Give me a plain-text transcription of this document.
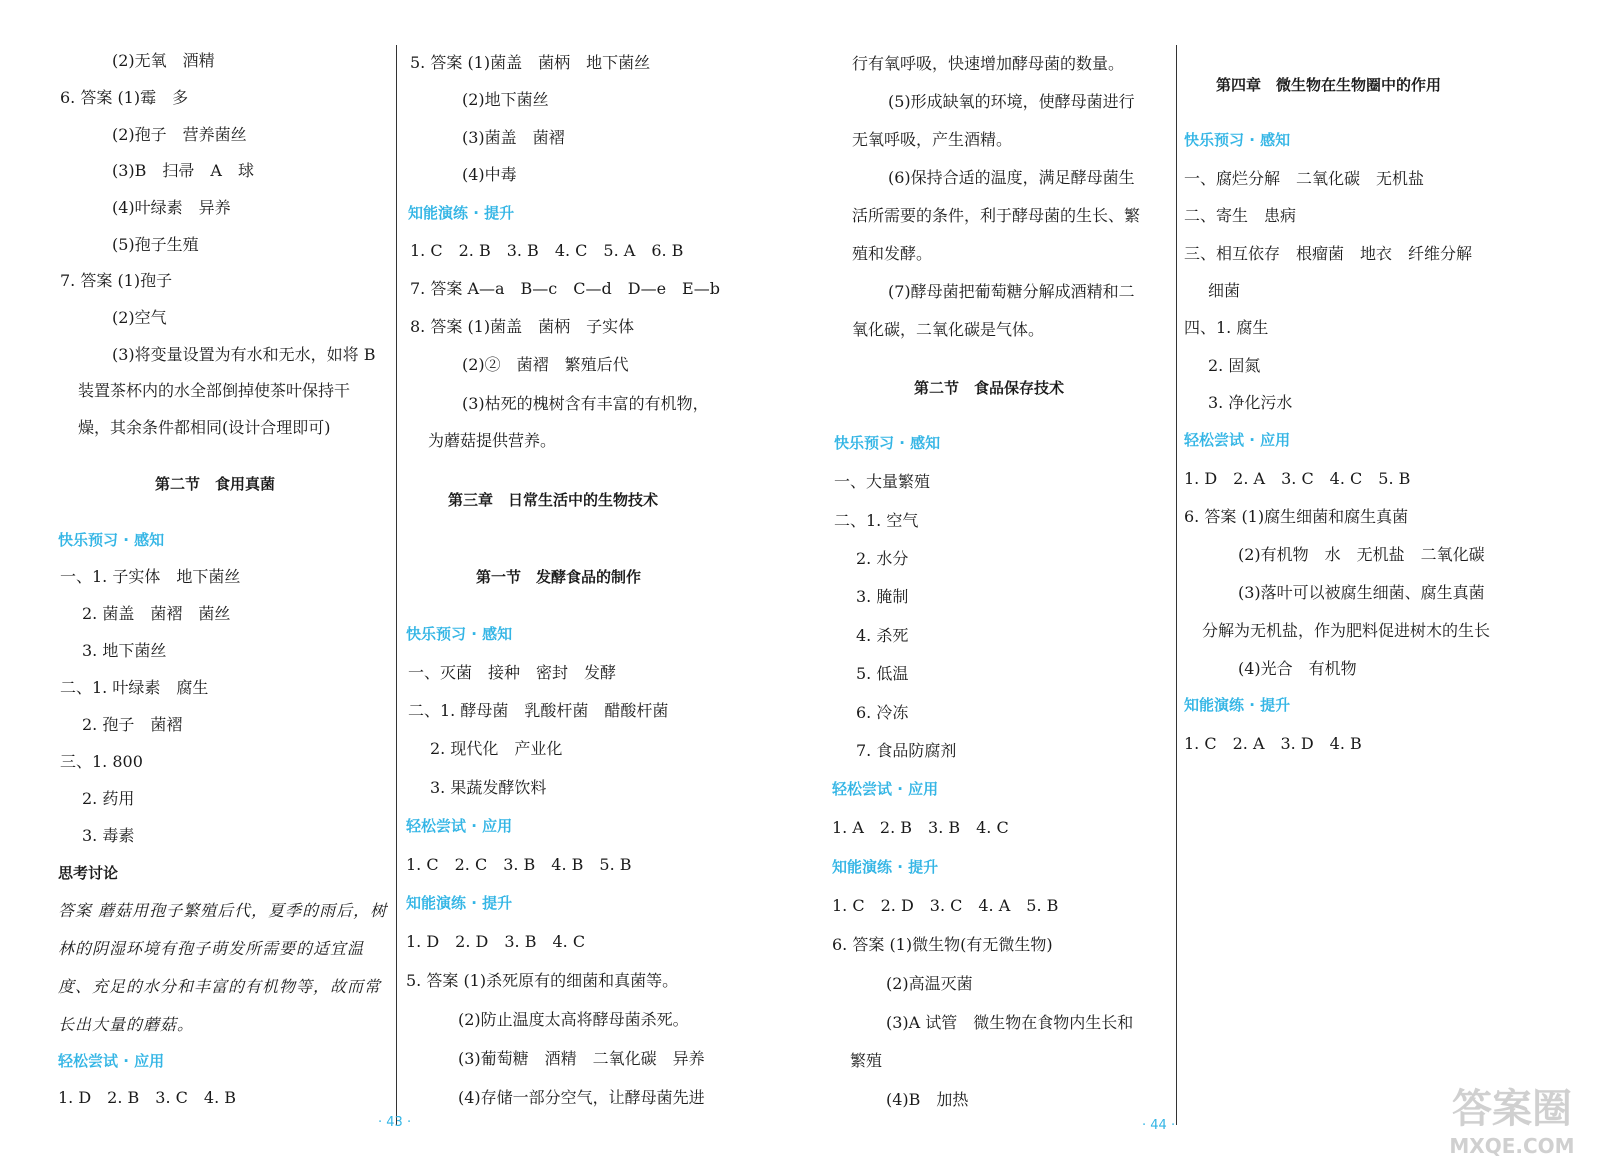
(2)无氧　酒精
6. 答案 (1)霉　多
(2)孢子　营养菌丝
(3)B　扫帚　A　球
(4)叶绿素　异养
(5)孢子生殖
7. 答案 (1)孢子
(2)空气
(3)将变量设置为有水和无水，如将 B
装置茶杯内的水全部倒掉使茶叶保持干
燥，其余条件都相同(设计合理即可)
第二节　食用真菌
快乐预习 · 感知
一、1. 子实体　地下菌丝
2. 菌盖　菌褶　菌丝
3. 地下菌丝
二、1. 叶绿素　腐生
2. 孢子　菌褶
三、1. 800
2. 药用
3. 毒素
思考讨论
答案 蘑菇用孢子繁殖后代，夏季的雨后，树
林的阴湿环境有孢子萌发所需要的适宜温
度、充足的水分和丰富的有机物等，故而常
长出大量的蘑菇。
轻松尝试 · 应用
1. D　2. B　3. C　4. B
5. 答案 (1)菌盖　菌柄　地下菌丝
(2)地下菌丝
(3)菌盖　菌褶
(4)中毒
知能演练 · 提升
1. C　2. B　3. B　4. C　5. A　6. B
7. 答案 A—a　B—c　C—d　D—e　E—b
8. 答案 (1)菌盖　菌柄　子实体
(2)②　菌褶　繁殖后代
(3)枯死的槐树含有丰富的有机物，
为蘑菇提供营养。
第三章　日常生活中的生物技术
第一节　发酵食品的制作
快乐预习 · 感知
一、灭菌　接种　密封　发酵
二、1. 酵母菌　乳酸杆菌　醋酸杆菌
2. 现代化　产业化
3. 果蔬发酵饮料
轻松尝试 · 应用
1. C　2. C　3. B　4. B　5. B
知能演练 · 提升
1. D　2. D　3. B　4. C
5. 答案 (1)杀死原有的细菌和真菌等。
(2)防止温度太高将酵母菌杀死。
(3)葡萄糖　酒精　二氧化碳　异养
(4)存储一部分空气，让酵母菌先进
· 43 ·
行有氧呼吸，快速增加酵母菌的数量。
(5)形成缺氧的环境，使酵母菌进行
无氧呼吸，产生酒精。
(6)保持合适的温度，满足酵母菌生
活所需要的条件，利于酵母菌的生长、繁
殖和发酵。
(7)酵母菌把葡萄糖分解成酒精和二
氧化碳，二氧化碳是气体。
第二节　食品保存技术
快乐预习 · 感知
一、大量繁殖
二、1. 空气
2. 水分
3. 腌制
4. 杀死
5. 低温
6. 冷冻
7. 食品防腐剂
轻松尝试 · 应用
1. A　2. B　3. B　4. C
知能演练 · 提升
1. C　2. D　3. C　4. A　5. B
6. 答案 (1)微生物(有无微生物)
(2)高温灭菌
(3)A 试管　微生物在食物内生长和
繁殖
(4)B　加热
第四章　微生物在生物圈中的作用
快乐预习 · 感知
一、腐烂分解　二氧化碳　无机盐
二、寄生　患病
三、相互依存　根瘤菌　地衣　纤维分解
细菌
四、1. 腐生
2. 固氮
3. 净化污水
轻松尝试 · 应用
1. D　2. A　3. C　4. C　5. B
6. 答案 (1)腐生细菌和腐生真菌
(2)有机物　水　无机盐　二氧化碳
(3)落叶可以被腐生细菌、腐生真菌
分解为无机盐，作为肥料促进树木的生长
(4)光合　有机物
知能演练 · 提升
1. C　2. A　3. D　4. B
· 44 ·	答案圈
MXQE.COM
